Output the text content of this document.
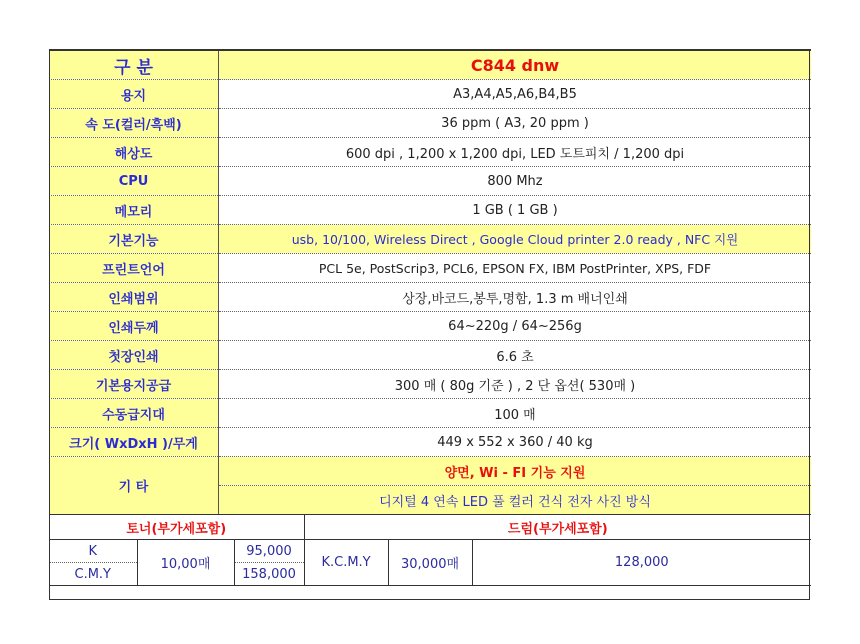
구 분	C844 dnw
용지	A3,A4,A5,A6,B4,B5
속 도(컬러/흑백)	36 ppm ( A3, 20 ppm )
해상도	600 dpi , 1,200 x 1,200 dpi, LED 도트피치 / 1,200 dpi
CPU	800 Mhz
메모리	1 GB ( 1 GB )
기본기능	usb, 10/100, Wireless Direct , Google Cloud printer 2.0 ready , NFC 지원
프린트언어	PCL 5e, PostScrip3, PCL6, EPSON FX, IBM PostPrinter, XPS, FDF
인쇄범위	상장,바코드,봉투,명함, 1.3 m 배너인쇄
인쇄두께	64~220g / 64~256g
첫장인쇄	6.6 초
기본용지공급	300 매 ( 80g 기준 ) , 2 단 옵션( 530매 )
수동급지대	100 매
크기( WxDxH )/무게	449 x 552 x 360 / 40 kg
기 타	양면, Wi - FI 기능 지원
	디지털 4 연속 LED 풀 컬러 건식 전자 사진 방식
토너(부가세포함)			드럼(부가세포함)		
K	10,00매	95,000	K.C.M.Y	30,000매	128,000
C.M.Y		158,000			
